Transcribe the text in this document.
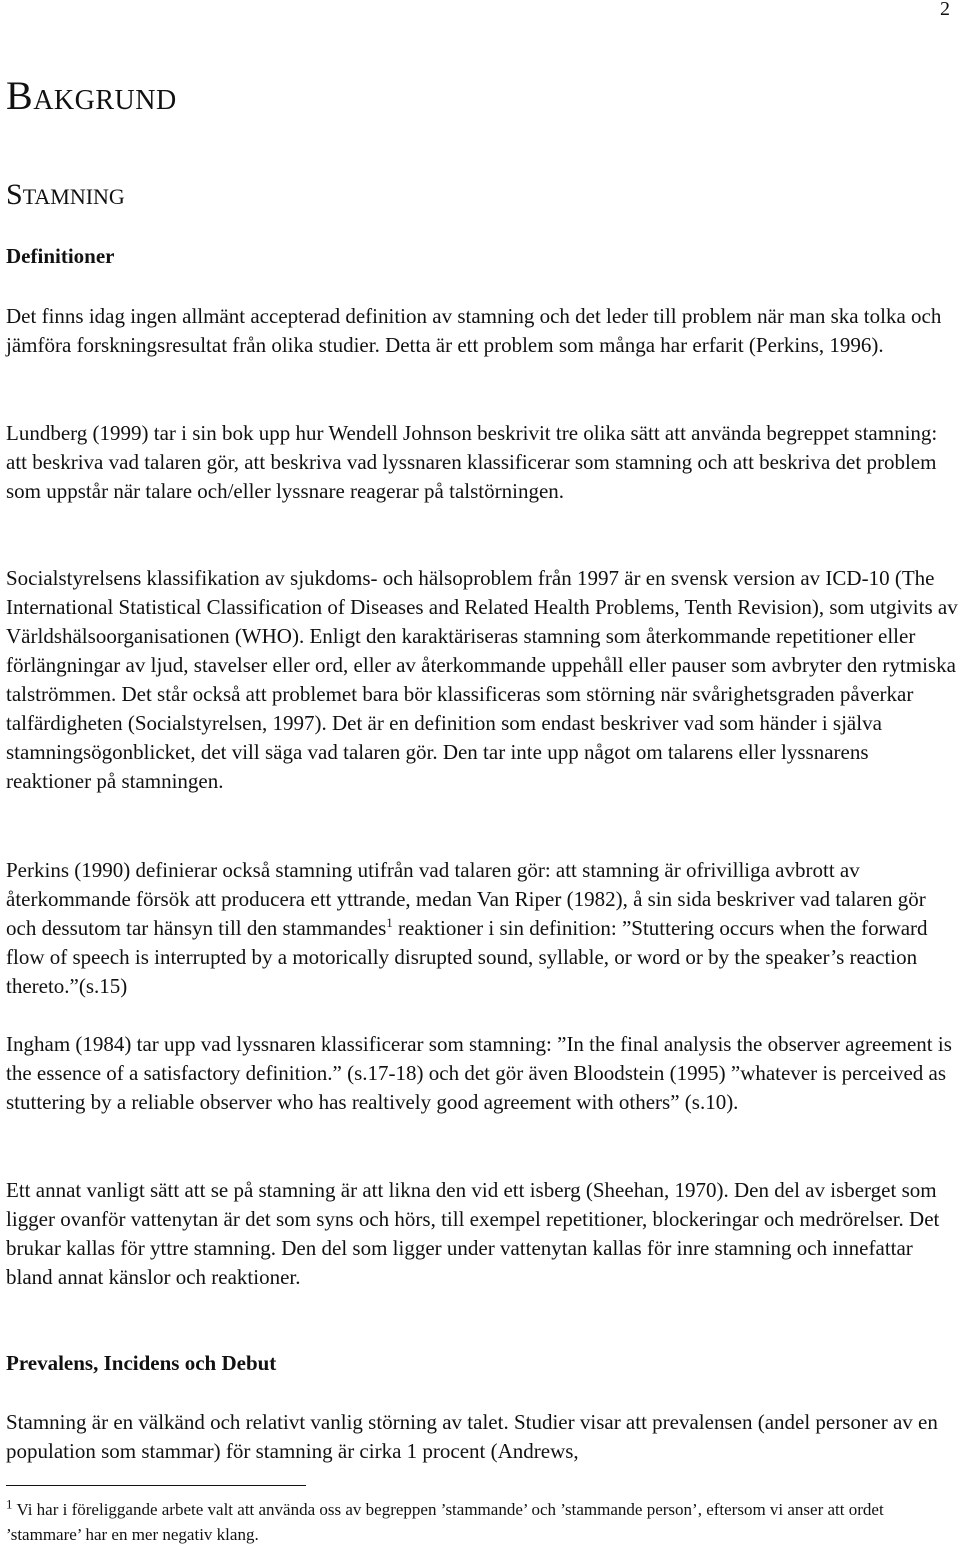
2
BAKGRUND
STAMNING
Definitioner

Det finns idag ingen allmänt accepterad definition av stamning och det leder till problem när man ska tolka och jämföra forskningsresultat från olika studier. Detta är ett problem som många har erfarit (Perkins, 1996).

Lundberg (1999) tar i sin bok upp hur Wendell Johnson beskrivit tre olika sätt att använda begreppet stamning: att beskriva vad talaren gör, att beskriva vad lyssnaren klassificerar som stamning och att beskriva det problem som uppstår när talare och/eller lyssnare reagerar på talstörningen.

Socialstyrelsens klassifikation av sjukdoms- och hälsoproblem från 1997 är en svensk version av ICD-10 (The International Statistical Classification of Diseases and Related Health Problems, Tenth Revision), som utgivits av Världshälsoorganisationen (WHO). Enligt den karaktäriseras stamning som återkommande repetitioner eller förlängningar av ljud, stavelser eller ord, eller av återkommande uppehåll eller pauser som avbryter den rytmiska talströmmen. Det står också att problemet bara bör klassificeras som störning när svårighetsgraden påverkar talfärdigheten (Socialstyrelsen, 1997). Det är en definition som endast beskriver vad som händer i själva stamningsögonblicket, det vill säga vad talaren gör. Den tar inte upp något om talarens eller lyssnarens reaktioner på stamningen.

Perkins (1990) definierar också stamning utifrån vad talaren gör: att stamning är ofrivilliga avbrott av återkommande försök att producera ett yttrande, medan Van Riper (1982), å sin sida beskriver vad talaren gör och dessutom tar hänsyn till den stammandes$^1$ reaktioner i sin definition: ”Stuttering occurs when the forward flow of speech is interrupted by a motorically disrupted sound, syllable, or word or by the speaker’s reaction thereto.”(s.15)

Ingham (1984) tar upp vad lyssnaren klassificerar som stamning: ”In the final analysis the observer agreement is the essence of a satisfactory definition.” (s.17-18) och det gör även Bloodstein (1995) ”whatever is perceived as stuttering by a reliable observer who has realtively good agreement with others” (s.10).

Ett annat vanligt sätt att se på stamning är att likna den vid ett isberg (Sheehan, 1970). Den del av isberget som ligger ovanför vattenytan är det som syns och hörs, till exempel repetitioner, blockeringar och medrörelser. Det brukar kallas för yttre stamning. Den del som ligger under vattenytan kallas för inre stamning och innefattar bland annat känslor och reaktioner.

Prevalens, Incidens och Debut

Stamning är en välkänd och relativt vanlig störning av talet. Studier visar att prevalensen (andel personer av en population som stammar) för stamning är cirka 1 procent (Andrews,

$^1$ Vi har i föreliggande arbete valt att använda oss av begreppen ’stammande’ och ’stammande person’, eftersom vi anser att ordet ’stammare’ har en mer negativ klang.
